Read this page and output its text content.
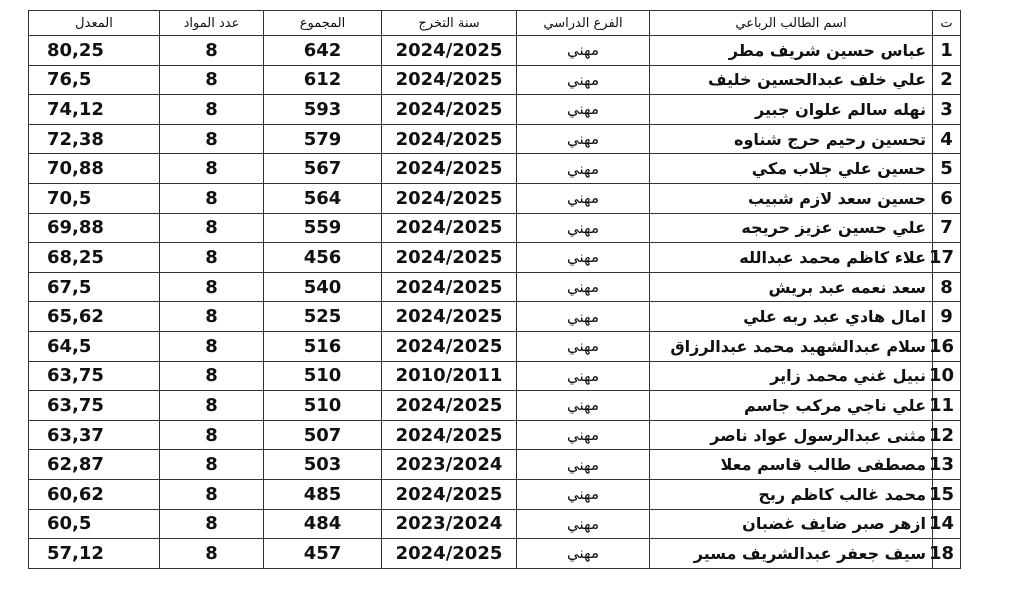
ت	اسم الطالب الرباعي	الفرع الدراسي	سنة التخرج	المجموع	عدد المواد	المعدل
1	عباس حسين شريف مطر	مهني	2024/2025	642	8	80,25
2	علي خلف عبدالحسين خليف	مهني	2024/2025	612	8	76,5
3	نهله سالم علوان جبير	مهني	2024/2025	593	8	74,12
4	تحسين رحيم حرج شناوه	مهني	2024/2025	579	8	72,38
5	حسين علي جلاب مكي	مهني	2024/2025	567	8	70,88
6	حسين سعد لازم شبيب	مهني	2024/2025	564	8	70,5
7	علي حسين عزيز حريجه	مهني	2024/2025	559	8	69,88
17	علاء كاظم محمد عبدالله	مهني	2024/2025	456	8	68,25
8	سعد نعمه عبد بريش	مهني	2024/2025	540	8	67,5
9	امال هادي عبد ربه علي	مهني	2024/2025	525	8	65,62
16	سلام عبدالشهيد محمد عبدالرزاق	مهني	2024/2025	516	8	64,5
10	نبيل غني محمد زاير	مهني	2010/2011	510	8	63,75
11	علي ناجي مركب جاسم	مهني	2024/2025	510	8	63,75
12	مثنى عبدالرسول عواد ناصر	مهني	2024/2025	507	8	63,37
13	مصطفى طالب قاسم معلا	مهني	2023/2024	503	8	62,87
15	محمد غالب كاظم ربح	مهني	2024/2025	485	8	60,62
14	ازهر صبر ضايف غضبان	مهني	2023/2024	484	8	60,5
18	سيف جعفر عبدالشريف مسير	مهني	2024/2025	457	8	57,12
